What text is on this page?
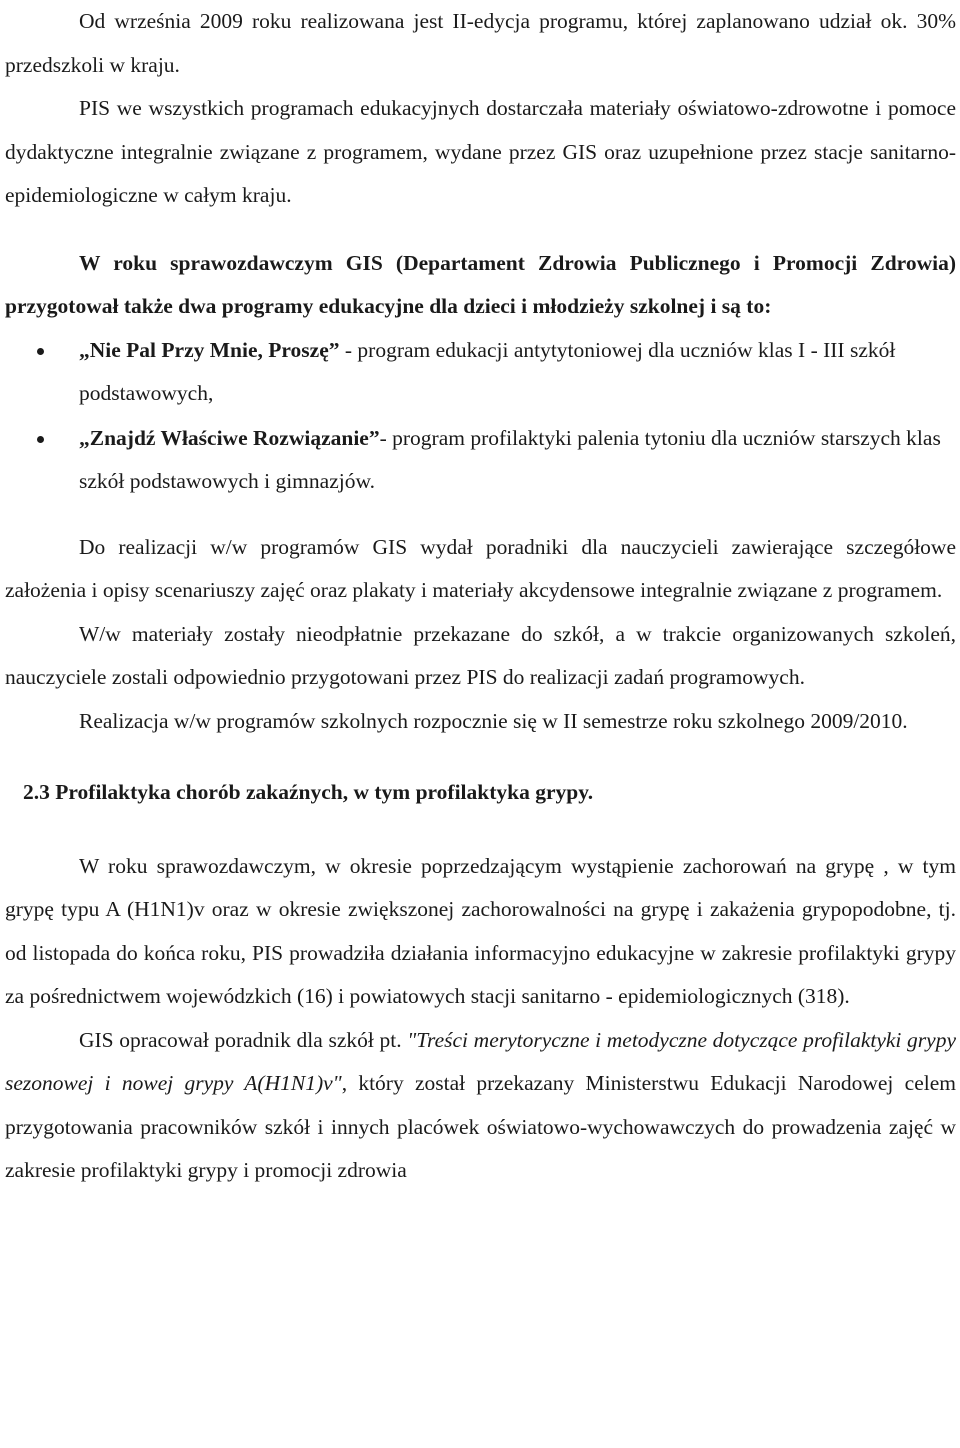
Od września 2009 roku realizowana jest II-edycja programu, której zaplanowano udział ok. 30% przedszkoli w kraju.

PIS we wszystkich programach edukacyjnych dostarczała materiały oświatowo-zdrowotne i pomoce dydaktyczne integralnie związane z programem, wydane przez GIS oraz uzupełnione przez stacje sanitarno-epidemiologiczne w całym kraju.

W roku sprawozdawczym GIS (Departament Zdrowia Publicznego i Promocji Zdrowia) przygotował także dwa programy edukacyjne dla dzieci i młodzieży szkolnej i są to:

„Nie Pal Przy Mnie, Proszę” - program edukacji antytytoniowej dla uczniów klas I - III szkół podstawowych,
„Znajdź Właściwe Rozwiązanie”- program profilaktyki palenia tytoniu dla uczniów starszych klas szkół podstawowych i gimnazjów.

Do realizacji w/w programów GIS wydał poradniki dla nauczycieli zawierające szczegółowe założenia i opisy scenariuszy zajęć oraz plakaty i materiały akcydensowe integralnie związane z programem.

W/w materiały zostały nieodpłatnie przekazane do szkół, a w trakcie organizowanych szkoleń, nauczyciele zostali odpowiednio przygotowani przez PIS do realizacji zadań programowych.

Realizacja w/w programów szkolnych rozpocznie się w II semestrze roku szkolnego 2009/2010.

2.3 Profilaktyka chorób zakaźnych, w tym profilaktyka grypy.

W roku sprawozdawczym, w okresie poprzedzającym wystąpienie zachorowań na grypę , w tym grypę typu A (H1N1)v oraz w okresie zwiększonej zachorowalności na grypę i zakażenia grypopodobne, tj. od listopada do końca roku, PIS prowadziła działania informacyjno edukacyjne w zakresie profilaktyki grypy za pośrednictwem wojewódzkich (16) i powiatowych stacji sanitarno - epidemiologicznych (318).

GIS opracował poradnik dla szkół pt. "Treści merytoryczne i metodyczne dotyczące profilaktyki grypy sezonowej i nowej grypy A(H1N1)v", który został przekazany Ministerstwu Edukacji Narodowej celem przygotowania pracowników szkół i innych placówek oświatowo-wychowawczych do prowadzenia zajęć w zakresie profilaktyki grypy i promocji zdrowia
